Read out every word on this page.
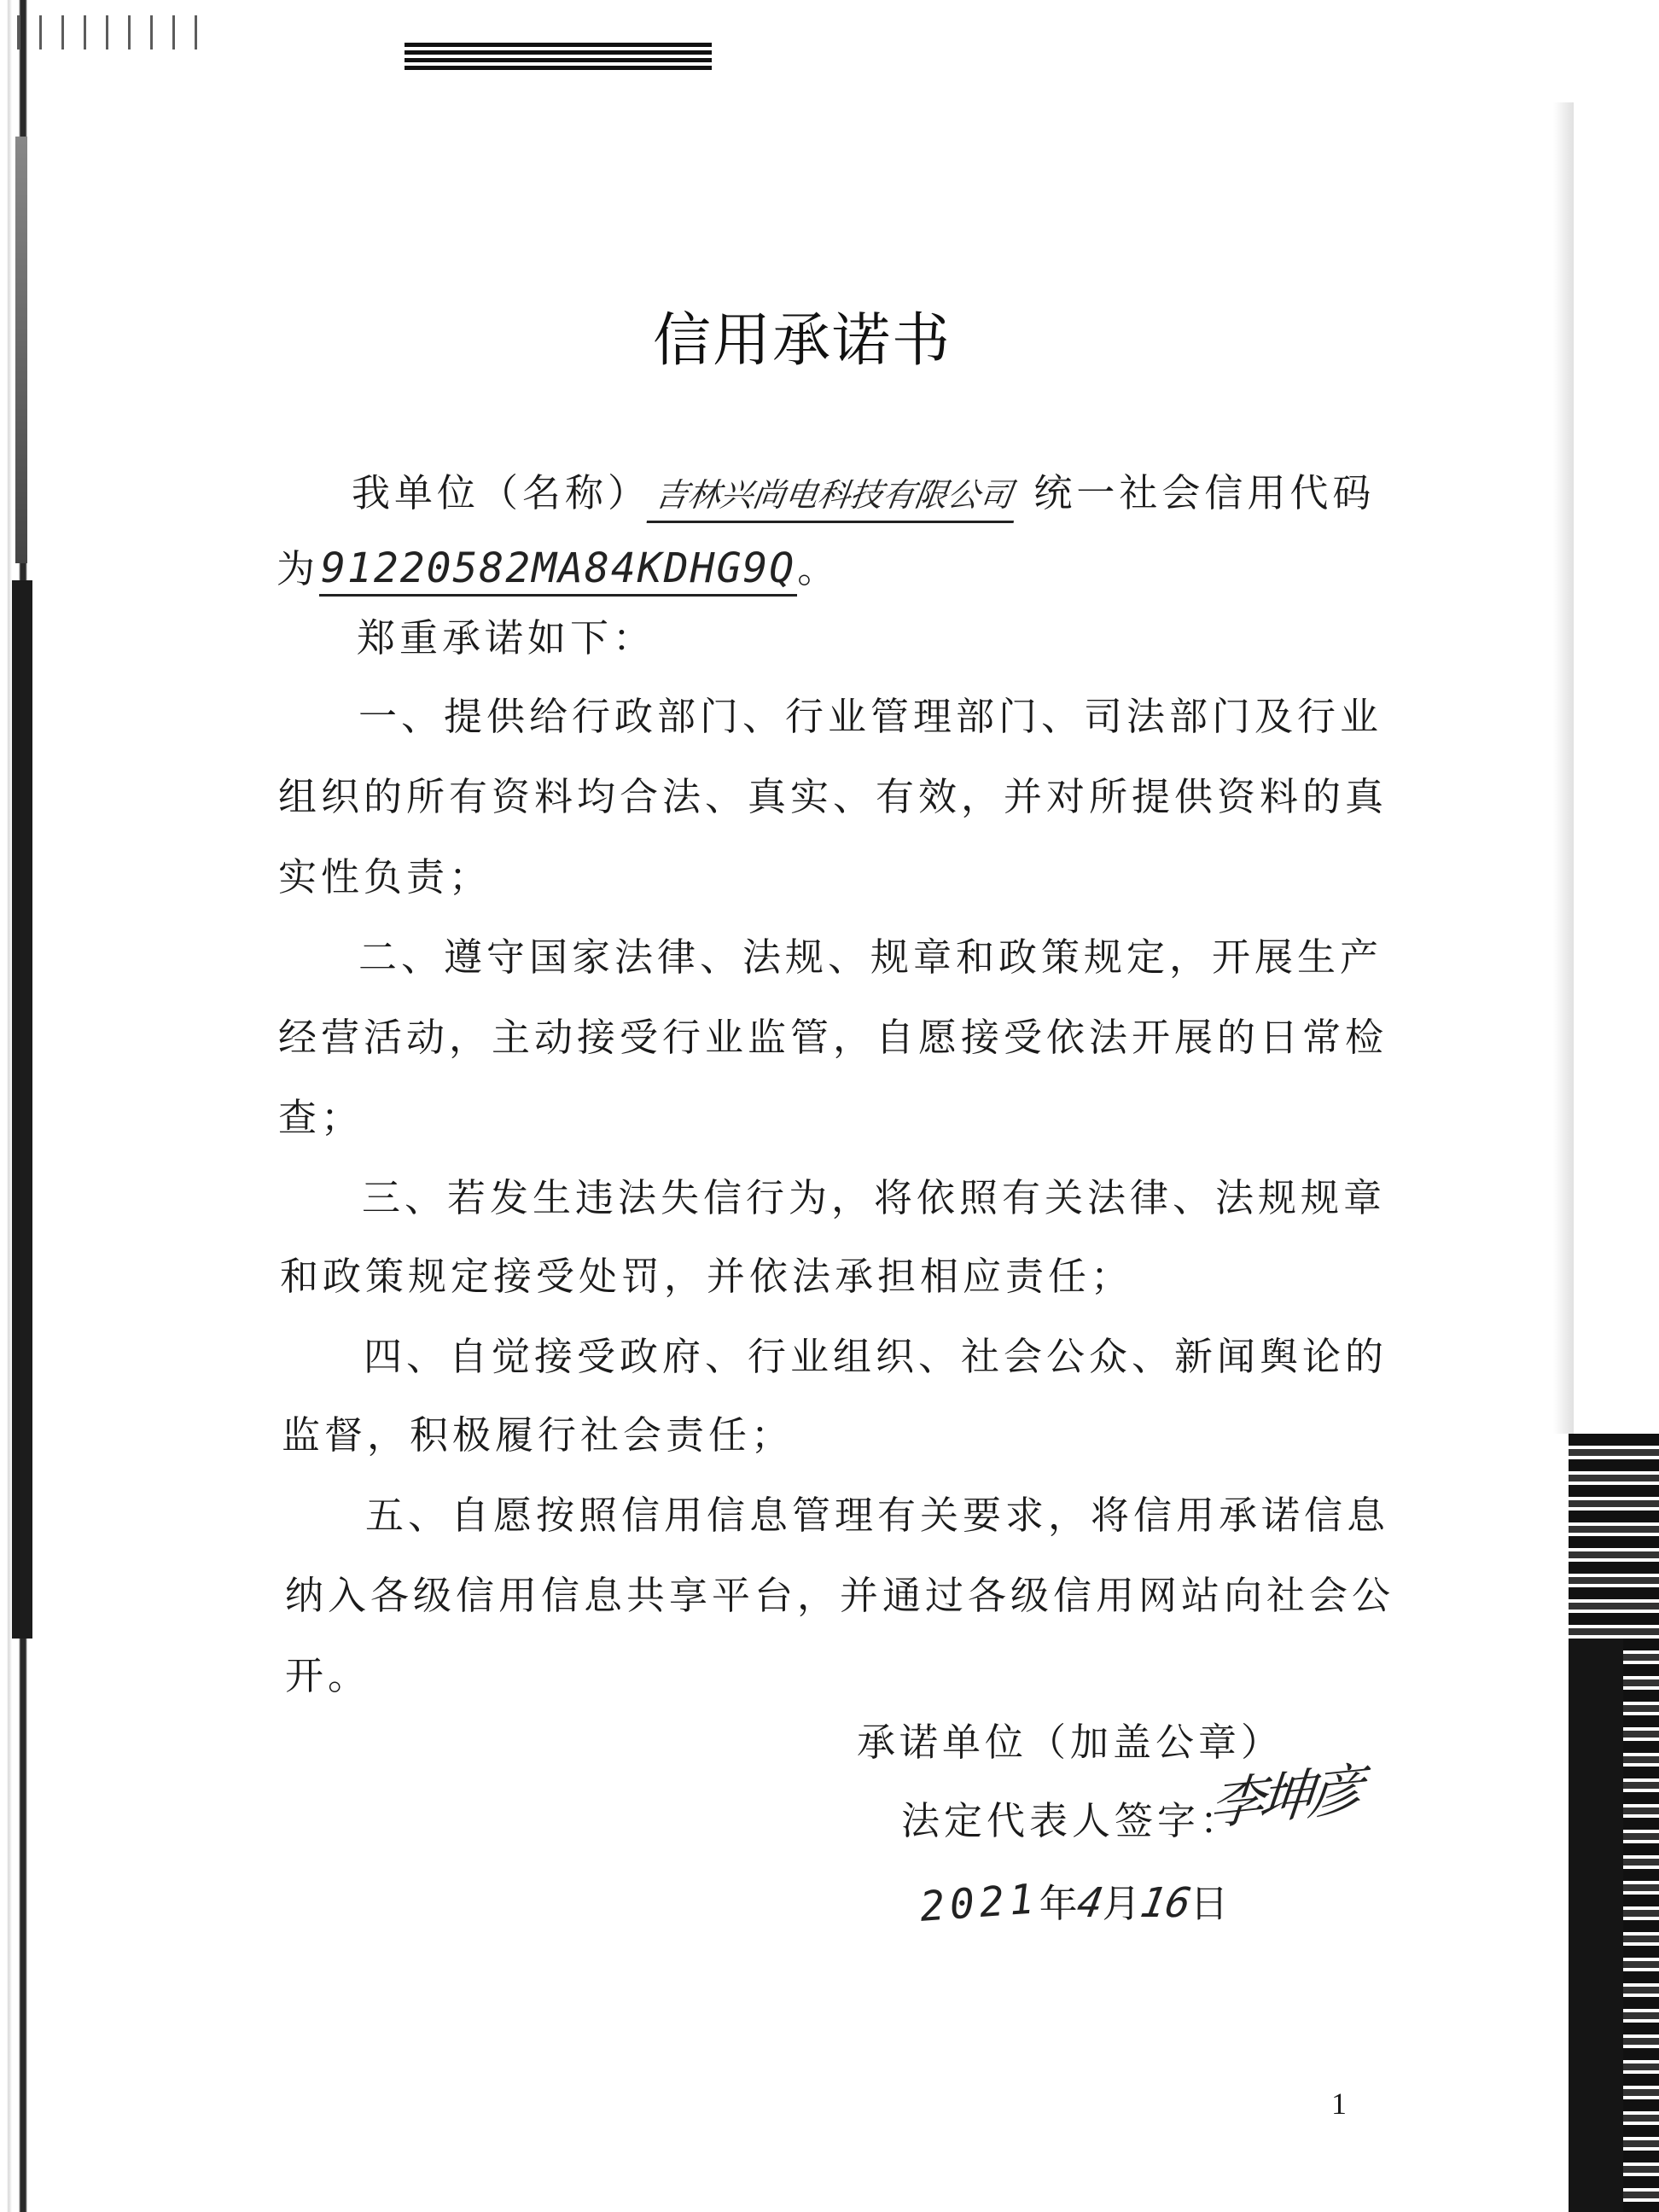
信用承诺书
我单位（名称）吉林兴尚电科技有限公司 统一社会信用代码
为91220582MA84KDHG9Q。
郑重承诺如下：
一、提供给行政部门、行业管理部门、司法部门及行业
组织的所有资料均合法、真实、有效，并对所提供资料的真
实性负责；
二、遵守国家法律、法规、规章和政策规定，开展生产
经营活动，主动接受行业监管，自愿接受依法开展的日常检
查；
三、若发生违法失信行为，将依照有关法律、法规规章
和政策规定接受处罚，并依法承担相应责任；
四、自觉接受政府、行业组织、社会公众、新闻舆论的
监督，积极履行社会责任；
五、自愿按照信用信息管理有关要求，将信用承诺信息
纳入各级信用信息共享平台，并通过各级信用网站向社会公
开。
承诺单位（加盖公章）
法定代表人签字：
李坤彦
2021年4月16日
1
